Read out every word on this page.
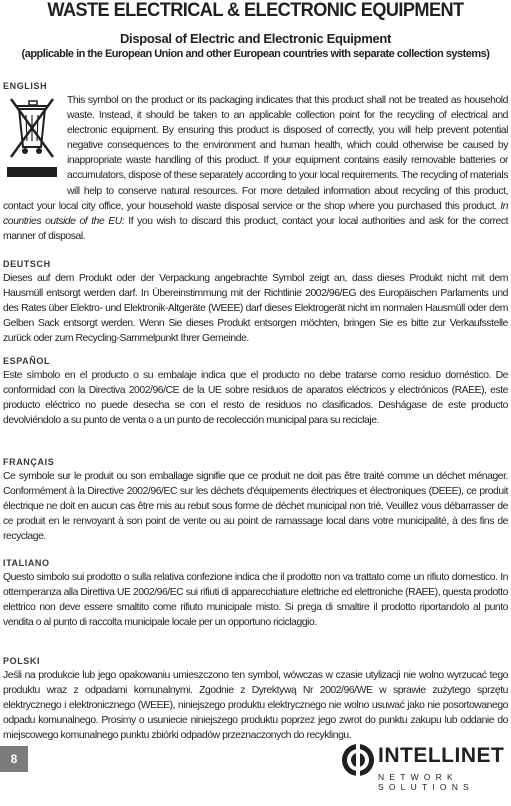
WASTE ELECTRICAL & ELECTRONIC EQUIPMENT
Disposal of Electric and Electronic Equipment
(applicable in the European Union and other European countries with separate collection systems)
ENGLISH

This symbol on the product or its packaging indicates that this product shall not be treated as household waste. Instead, it should be taken to an applicable collection point for the recycling of electrical and electronic equipment. By ensuring this product is disposed of correctly, you will help prevent potential negative consequences to the environment and human health, which could otherwise be caused by inappropriate waste handling of this product. If your equipment contains easily removable batteries or accumulators, dispose of these separately according to your local requirements. The recycling of materials will help to conserve natural resources. For more detailed information about recycling of this product, contact your local city office, your household waste disposal service or the shop where you purchased this product. In countries outside of the EU: If you wish to discard this product, contact your local authorities and ask for the correct manner of disposal.

DEUTSCH

Dieses auf dem Produkt oder der Verpackung angebrachte Symbol zeigt an, dass dieses Produkt nicht mit dem Hausmüll entsorgt werden darf. In Übereinstimmung mit der Richtlinie 2002/96/EG des Europäischen Parlaments und des Rates über Elektro- und Elektronik-Altgeräte (WEEE) darf dieses Elektrogerät nicht im normalen Hausmüll oder dem Gelben Sack entsorgt werden. Wenn Sie dieses Produkt entsorgen möchten, bringen Sie es bitte zur Verkaufsstelle zurück oder zum Recycling-Sammelpunkt Ihrer Gemeinde.

ESPAÑOL

Este símbolo en el producto o su embalaje indica que el producto no debe tratarse como residuo doméstico. De conformidad con la Directiva 2002/96/CE de la UE sobre residuos de aparatos eléctricos y electrónicos (RAEE), este producto eléctrico no puede desecha se con el resto de residuos no clasificados. Deshágase de este producto devolviéndolo a su punto de venta o a un punto de recolección municipal para su reciclaje.

FRANÇAIS

Ce symbole sur le produit ou son emballage signifie que ce produit ne doit pas être traité comme un déchet ménager. Conformément à la Directive 2002/96/EC sur les déchets d'équipements électriques et électroniques (DEEE), ce produit électrique ne doit en aucun cas être mis au rebut sous forme de déchet municipal non trié. Veuillez vous débarrasser de ce produit en le renvoyant à son point de vente ou au point de ramassage local dans votre municipalité, à des fins de recyclage.

ITALIANO

Questo simbolo sui prodotto o sulla relativa confezione indica che il prodotto non va trattato come un rifiuto domestico. In ottemperanza alla Direttiva UE 2002/96/EC sui rifiuti di apparecchiature elettriche ed elettroniche (RAEE), questa prodotto elettrico non deve essere smaltito come rifiuto municipale misto. Si prega di smaltire il prodotto riportandolo al punto vendita o al punto di raccolta municipale locale per un opportuno riciclaggio.

POLSKI

Jeśli na produkcie lub jego opakowaniu umieszczono ten symbol, wówczas w czasie utylizacji nie wolno wyrzucać tego produktu wraz z odpadami komunalnymi. Zgodnie z Dyrektywą Nr 2002/96/WE w sprawie zużytego sprzętu elektrycznego i elektronicznego (WEEE), niniejszego produktu elektrycznego nie wolno usuwać jako nie posortowanego odpadu komunalnego. Prosimy o usuniecie niniejszego produktu poprzez jego zwrot do punktu zakupu lub oddanie do miejscowego komunalnego punktu zbiórki odpadów przeznaczonych do recyklingu.

8	INTELLINET
NETWORK SOLUTIONS
